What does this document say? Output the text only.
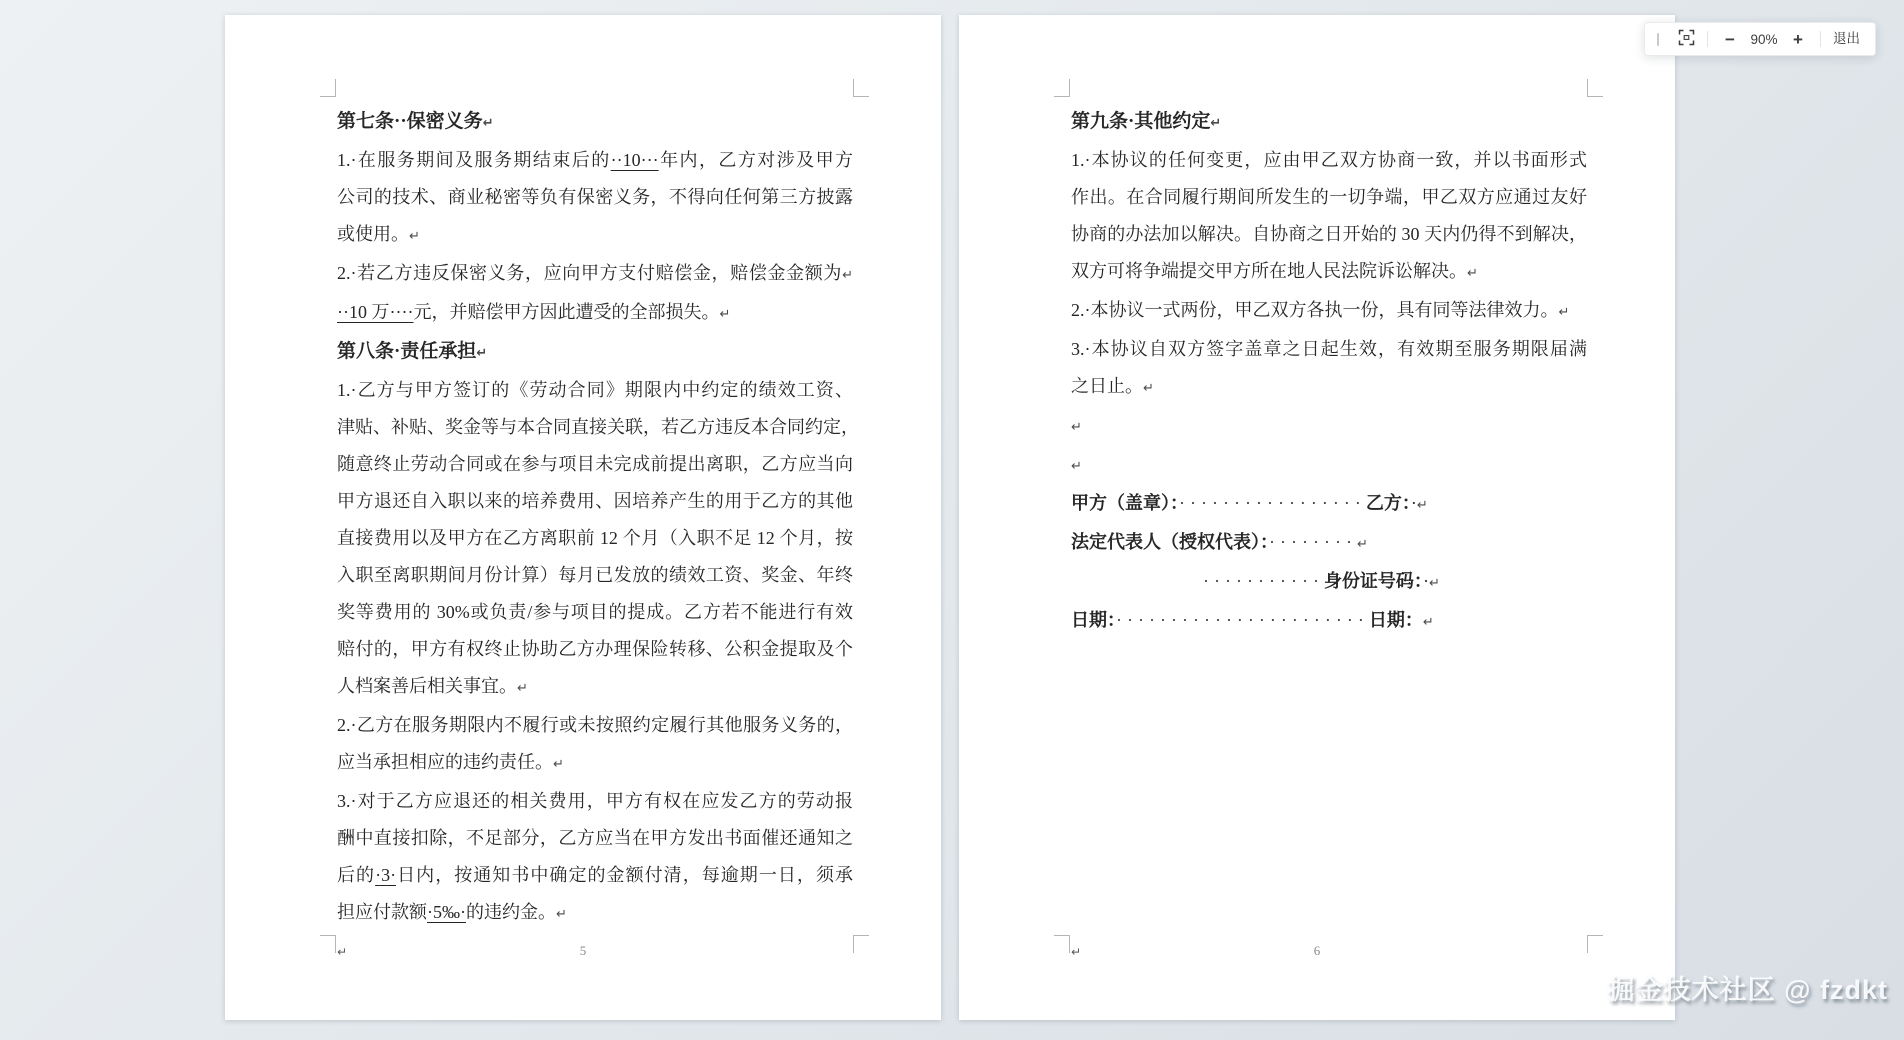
第七条··保密义务↵
1.·在服务期间及服务期结束后的··10···年内，乙方对涉及甲方
公司的技术、商业秘密等负有保密义务，不得向任何第三方披露
或使用。↵
2.·若乙方违反保密义务，应向甲方支付赔偿金，赔偿金金额为↵
··10 万····元，并赔偿甲方因此遭受的全部损失。↵
第八条·责任承担↵
1.·乙方与甲方签订的《劳动合同》期限内中约定的绩效工资、
津贴、补贴、奖金等与本合同直接关联，若乙方违反本合同约定，
随意终止劳动合同或在参与项目未完成前提出离职，乙方应当向
甲方退还自入职以来的培养费用、因培养产生的用于乙方的其他
直接费用以及甲方在乙方离职前 12 个月（入职不足 12 个月，按
入职至离职期间月份计算）每月已发放的绩效工资、奖金、年终
奖等费用的 30%或负责/参与项目的提成。乙方若不能进行有效
赔付的，甲方有权终止协助乙方办理保险转移、公积金提取及个
人档案善后相关事宜。↵
2.·乙方在服务期限内不履行或未按照约定履行其他服务义务的，
应当承担相应的违约责任。↵
3.·对于乙方应退还的相关费用，甲方有权在应发乙方的劳动报
酬中直接扣除，不足部分，乙方应当在甲方发出书面催还通知之
后的·3·日内，按通知书中确定的金额付清，每逾期一日，须承
担应付款额·5‰·的违约金。↵
↵	5
第九条·其他约定↵
1.·本协议的任何变更，应由甲乙双方协商一致，并以书面形式
作出。在合同履行期间所发生的一切争端，甲乙双方应通过友好
协商的办法加以解决。自协商之日开始的 30 天内仍得不到解决，
双方可将争端提交甲方所在地人民法院诉讼解决。↵
2.·本协议一式两份，甲乙双方各执一份，具有同等法律效力。↵
3.·本协议自双方签字盖章之日起生效，有效期至服务期限届满
之日止。↵
↵
↵
甲方（盖章）：·················乙方：·↵
法定代表人（授权代表）：········↵
···········身份证号码：·↵
日期：·······················日期：↵
↵	6
−	90% +	退出
掘金技术社区 @ fzdkt
